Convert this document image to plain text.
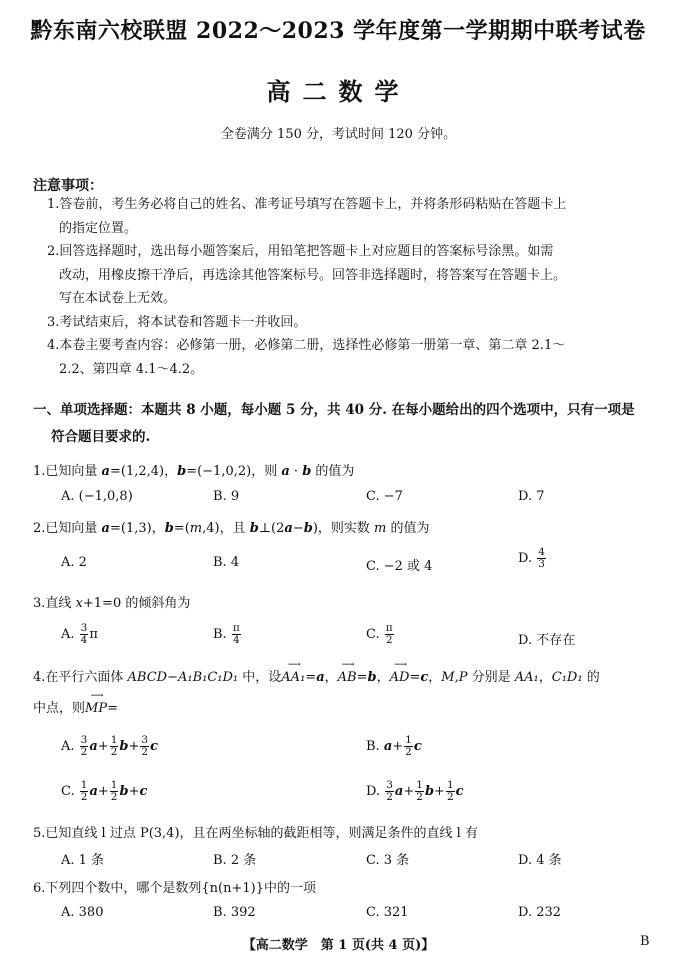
黔东南六校联盟 2022～2023 学年度第一学期期中联考试卷
高二数学
全卷满分 150 分，考试时间 120 分钟。
注意事项：
1.答卷前，考生务必将自己的姓名、准考证号填写在答题卡上，并将条形码粘贴在答题卡上
的指定位置。
2.回答选择题时，选出每小题答案后，用铅笔把答题卡上对应题目的答案标号涂黑。如需
改动，用橡皮擦干净后，再选涂其他答案标号。回答非选择题时，将答案写在答题卡上。
写在本试卷上无效。
3.考试结束后，将本试卷和答题卡一并收回。
4.本卷主要考查内容：必修第一册，必修第二册，选择性必修第一册第一章、第二章 2.1～
2.2、第四章 4.1～4.2。
一、单项选择题：本题共 8 小题，每小题 5 分，共 40 分. 在每小题给出的四个选项中，只有一项是
符合题目要求的.
1.已知向量 a=(1,2,4)，b=(−1,0,2)，则 a · b 的值为
A. (−1,0,8)	B. 9	C. −7	D. 7
2.已知向量 a=(1,3)，b=(m,4)，且 b⊥(2a−b)，则实数 m 的值为
A. 2	B. 4	C. −2 或 4
D. $\frac{4}{3}$
3.直线 x+1=0 的倾斜角为
A. $\frac{3}{4}$ π	B. $\frac{\pi}{4}$	C. $\frac{\pi}{2}$	D. 不存在
4.在平行六面体 ABCD−A₁B₁C₁D₁ 中，设⟶ AA₁=a，⟶ AB=b，⟶ AD=c，M,P 分别是 AA₁，C₁D₁ 的
中点，则⟶ MP=
A. $\frac{3}{2} a+ \frac{1}{2} b+ \frac{3}{2}$ c	B. $a+ \frac{1}{2}$ c
C. $\frac{1}{2} a+ \frac{1}{2} b+c$	D. $\frac{3}{2} a+ \frac{1}{2} b+ \frac{1}{2}$ c
5.已知直线 l 过点 P(3,4)，且在两坐标轴的截距相等，则满足条件的直线 l 有
A. 1 条	B. 2 条	C. 3 条	D. 4 条
6.下列四个数中，哪个是数列{n(n+1)}中的一项
A. 380	B. 392	C. 321	D. 232
【高二数学　第 1 页(共 4 页)】	B
